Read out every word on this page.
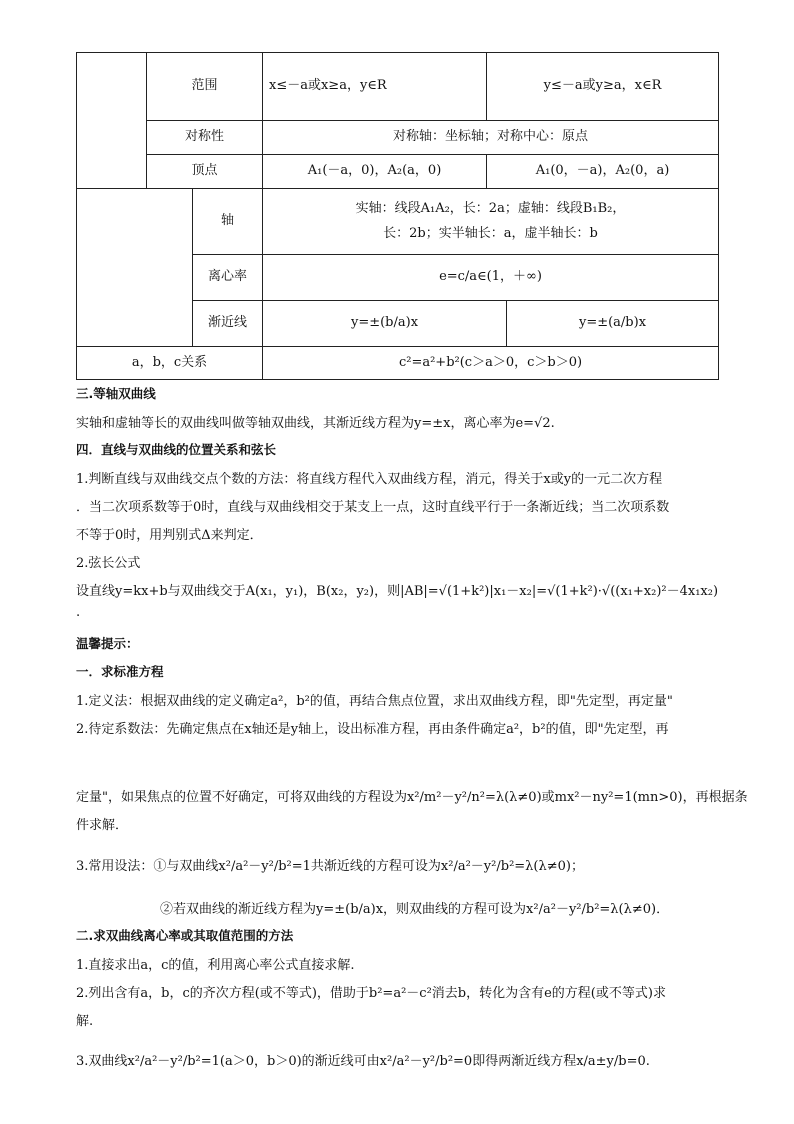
	范围		x≤－a或x≥a，y∈R	y≤－a或y≥a，x∈R	
	对称性		对称轴：坐标轴；对称中心：原点		
	顶点		A₁(－a，0)，A₂(a，0)	A₁(0，－a)，A₂(0，a)	
		轴	实轴：线段A₁A₂，长：2a；虚轴：线段B₁B₂，
长：2b；实半轴长：a，虚半轴长：b		

		离心率	e=c/a∈(1，＋∞)		
		渐近线	y=±(b/a)x		y=±(a/b)x
a，b，c关系			c²=a²+b²(c＞a＞0，c＞b＞0)		
三.等轴双曲线
实轴和虚轴等长的双曲线叫做等轴双曲线，其渐近线方程为y=±x，离心率为e=√2.
四．直线与双曲线的位置关系和弦长
1.判断直线与双曲线交点个数的方法：将直线方程代入双曲线方程，消元，得关于x或y的一元二次方程
．当二次项系数等于0时，直线与双曲线相交于某支上一点，这时直线平行于一条渐近线；当二次项系数
不等于0时，用判别式Δ来判定．
2.弦长公式
设直线y=kx+b与双曲线交于A(x₁，y₁)，B(x₂，y₂)，则|AB|=√(1+k²)|x₁－x₂|=√(1+k²)·√((x₁+x₂)²－4x₁x₂)
.
温馨提示：
一．求标准方程
1.定义法：根据双曲线的定义确定a²，b²的值，再结合焦点位置，求出双曲线方程，即"先定型，再定量"
2.待定系数法：先确定焦点在x轴还是y轴上，设出标准方程，再由条件确定a²，b²的值，即"先定型，再
定量"，如果焦点的位置不好确定，可将双曲线的方程设为x²/m²－y²/n²=λ(λ≠0)或mx²－ny²=1(mn>0)，再根据条
件求解．
3.常用设法：①与双曲线x²/a²－y²/b²=1共渐近线的方程可设为x²/a²－y²/b²=λ(λ≠0)；
②若双曲线的渐近线方程为y=±(b/a)x，则双曲线的方程可设为x²/a²－y²/b²=λ(λ≠0)．
二.求双曲线离心率或其取值范围的方法
1.直接求出a，c的值，利用离心率公式直接求解.
2.列出含有a，b，c的齐次方程(或不等式)，借助于b²=a²－c²消去b，转化为含有e的方程(或不等式)求
解.
3.双曲线x²/a²－y²/b²=1(a＞0，b＞0)的渐近线可由x²/a²－y²/b²=0即得两渐近线方程x/a±y/b=0.
